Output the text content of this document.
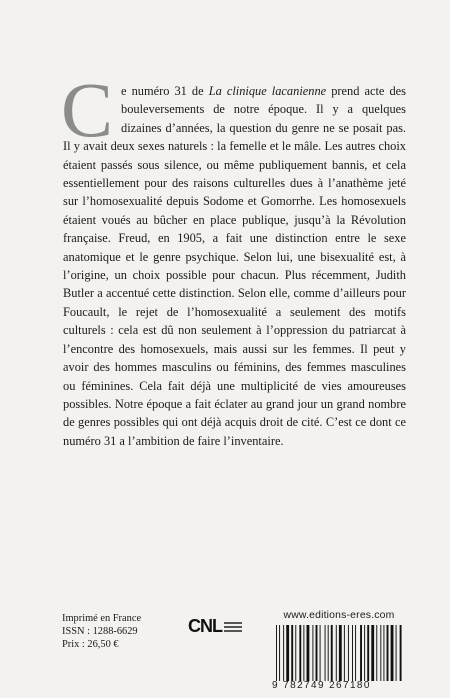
C e numéro 31 de La clinique lacanienne prend acte des bouleversements de notre époque. Il y a quelques dizaines d’années, la question du genre ne se posait pas. Il y avait deux sexes naturels : la femelle et le mâle. Les autres choix étaient passés sous silence, ou même publiquement bannis, et cela essentiellement pour des raisons culturelles dues à l’anathème jeté sur l’homosexualité depuis Sodome et Gomorrhe. Les homosexuels étaient voués au bûcher en place publique, jusqu’à la Révolution française. Freud, en 1905, a fait une distinction entre le sexe anatomique et le genre psychique. Selon lui, une bisexualité est, à l’origine, un choix possible pour chacun. Plus récemment, Judith Butler a accentué cette distinction. Selon elle, comme d’ailleurs pour Foucault, le rejet de l’homosexualité a seulement des motifs culturels : cela est dû non seulement à l’oppression du patriarcat à l’encontre des homosexuels, mais aussi sur les femmes. Il peut y avoir des hommes masculins ou féminins, des femmes masculines ou féminines. Cela fait déjà une multiplicité de vies amoureuses possibles. Notre époque a fait éclater au grand jour un grand nombre de genres possibles qui ont déjà acquis droit de cité. C’est ce dont ce numéro 31 a l’ambition de faire l’inventaire.

Imprimé en France
ISSN : 1288-6629
Prix : 26,50 €
CNL
www.editions-eres.com
9 782749 267180
